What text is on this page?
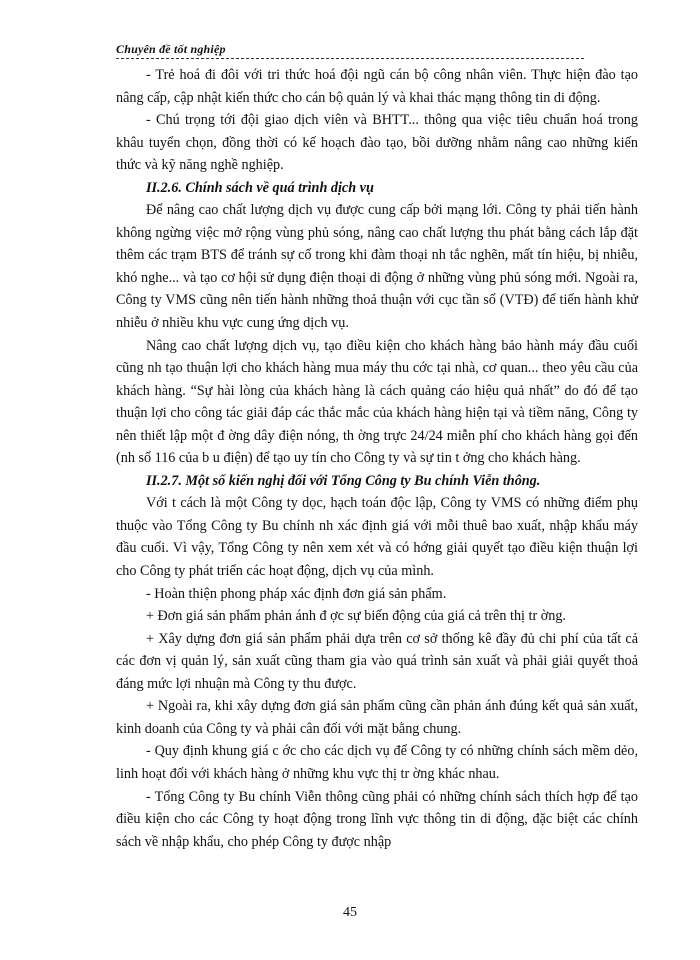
Chuyên đề tốt nghiệp

- Trẻ hoá đi đôi với tri thức hoá đội ngũ cán bộ công nhân viên. Thực hiện đào tạo nâng cấp, cập nhật kiến thức cho cán bộ quản lý và khai thác mạng thông tin di động.

- Chú trọng tới đội giao dịch viên và BHTT... thông qua việc tiêu chuẩn hoá trong khâu tuyển chọn, đồng thời có kế hoạch đào tạo, bồi dưỡng nhằm nâng cao những kiến thức và kỹ năng nghề nghiệp.

II.2.6. Chính sách về quá trình dịch vụ

Để nâng cao chất lượng dịch vụ được cung cấp bởi mạng lới. Công ty phải tiến hành không ngừng việc mở rộng vùng phủ sóng, nâng cao chất lượng thu phát bằng cách lắp đặt thêm các trạm BTS để tránh sự cố trong khi đàm thoại nh tắc nghẽn, mất tín hiệu, bị nhiễu, khó nghe... và tạo cơ hội sử dụng điện thoại di động ở những vùng phủ sóng mới. Ngoài ra, Công ty VMS cũng nên tiến hành những thoả thuận với cục tần số (VTĐ) để tiến hành khử nhiễu ở nhiều khu vực cung ứng dịch vụ.

Nâng cao chất lượng dịch vụ, tạo điều kiện cho khách hàng bảo hành máy đầu cuối cũng nh tạo thuận lợi cho khách hàng mua máy thu cớc tại nhà, cơ quan... theo yêu cầu của khách hàng. “Sự hài lòng của khách hàng là cách quảng cáo hiệu quả nhất” do đó để tạo thuận lợi cho công tác giải đáp các thắc mắc của khách hàng hiện tại và tiềm năng, Công ty nên thiết lập một đ ờng dây điện nóng, th ờng trực 24/24 miễn phí cho khách hàng gọi đến (nh số 116 của b u điện) để tạo uy tín cho Công ty và sự tin t ởng cho khách hàng.

II.2.7. Một số kiến nghị đối với Tổng Công ty Bu chính Viễn thông.

Với t cách là một Công ty dọc, hạch toán độc lập, Công ty VMS có những điểm phụ thuộc vào Tổng Công ty Bu chính nh xác định giá với mỗi thuê bao xuất, nhập khẩu máy đầu cuối. Vì vậy, Tổng Công ty nên xem xét và có hớng giải quyết tạo điều kiện thuận lợi cho Công ty phát triển các hoạt động, dịch vụ của mình.

- Hoàn thiện phong pháp xác định đơn giá sản phẩm.

+ Đơn giá sản phẩm phản ánh đ ợc sự biến động của giá cả trên thị tr ờng.

+ Xây dựng đơn giá sản phẩm phải dựa trên cơ sở thống kê đầy đủ chi phí của tất cả các đơn vị quản lý, sản xuất cũng tham gia vào quá trình sản xuất và phải giải quyết thoả đáng mức lợi nhuận mà Công ty thu được.

+ Ngoài ra, khi xây dựng đơn giá sản phẩm cũng cần phản ánh đúng kết quả sản xuất, kinh doanh của Công ty và phải cân đối với mặt bằng chung.

- Quy định khung giá c ớc cho các dịch vụ để Công ty có những chính sách mềm dẻo, linh hoạt đối với khách hàng ở những khu vực thị tr ờng khác nhau.

- Tổng Công ty Bu chính Viễn thông cũng phải có những chính sách thích hợp để tạo điều kiện cho các Công ty hoạt động trong lĩnh vực thông tin di động, đặc biệt các chính sách về nhập khẩu, cho phép Công ty được nhập

45
